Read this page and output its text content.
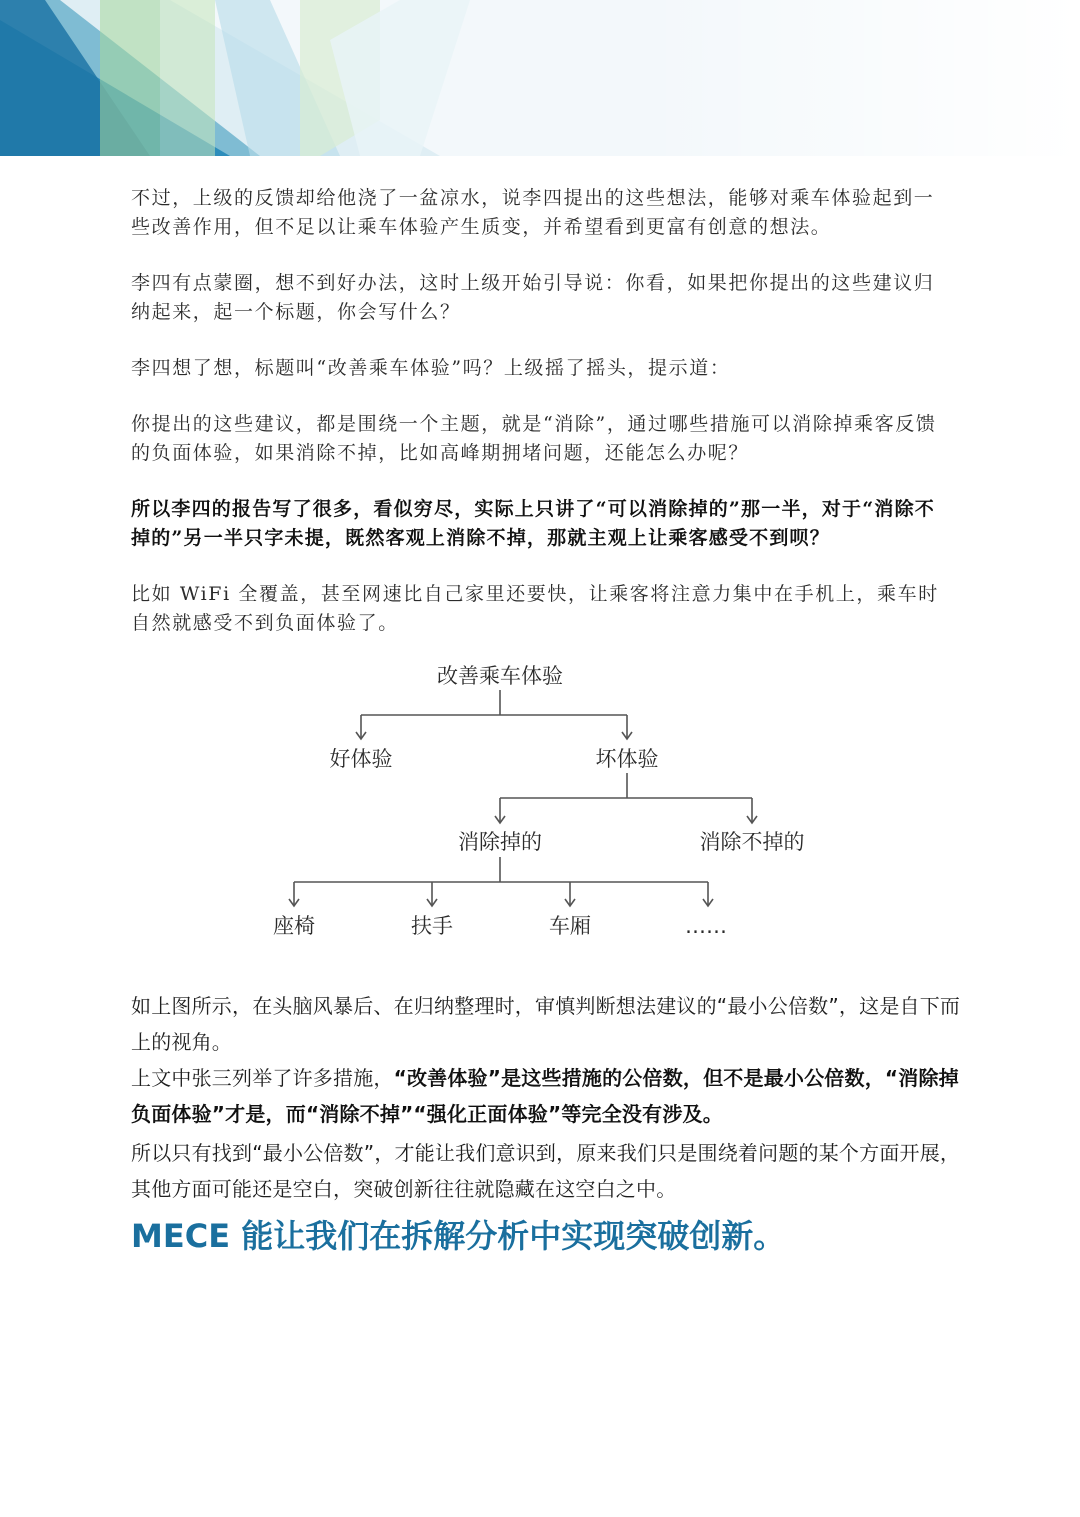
不过，上级的反馈却给他浇了一盆凉水，说李四提出的这些想法，能够对乘车体验起到一些改善作用，但不足以让乘车体验产生质变，并希望看到更富有创意的想法。

李四有点蒙圈，想不到好办法，这时上级开始引导说：你看，如果把你提出的这些建议归纳起来，起一个标题，你会写什么？

李四想了想，标题叫“改善乘车体验”吗？上级摇了摇头，提示道：

你提出的这些建议，都是围绕一个主题，就是“消除”，通过哪些措施可以消除掉乘客反馈的负面体验，如果消除不掉，比如高峰期拥堵问题，还能怎么办呢？

所以李四的报告写了很多，看似穷尽，实际上只讲了“可以消除掉的”那一半，对于“消除不掉的”另一半只字未提，既然客观上消除不掉，那就主观上让乘客感受不到呗？

比如 WiFi 全覆盖，甚至网速比自己家里还要快，让乘客将注意力集中在手机上，乘车时自然就感受不到负面体验了。

改善乘车体验
好体验	坏体验
消除掉的	消除不掉的
座椅	扶手	车厢	……

如上图所示，在头脑风暴后、在归纳整理时，审慎判断想法建议的“最小公倍数”，这是自下而上的视角。

上文中张三列举了许多措施，“改善体验”是这些措施的公倍数，但不是最小公倍数，“消除掉负面体验”才是，而“消除不掉”“强化正面体验”等完全没有涉及。

所以只有找到“最小公倍数”，才能让我们意识到，原来我们只是围绕着问题的某个方面开展，其他方面可能还是空白，突破创新往往就隐藏在这空白之中。

MECE 能让我们在拆解分析中实现突破创新。
